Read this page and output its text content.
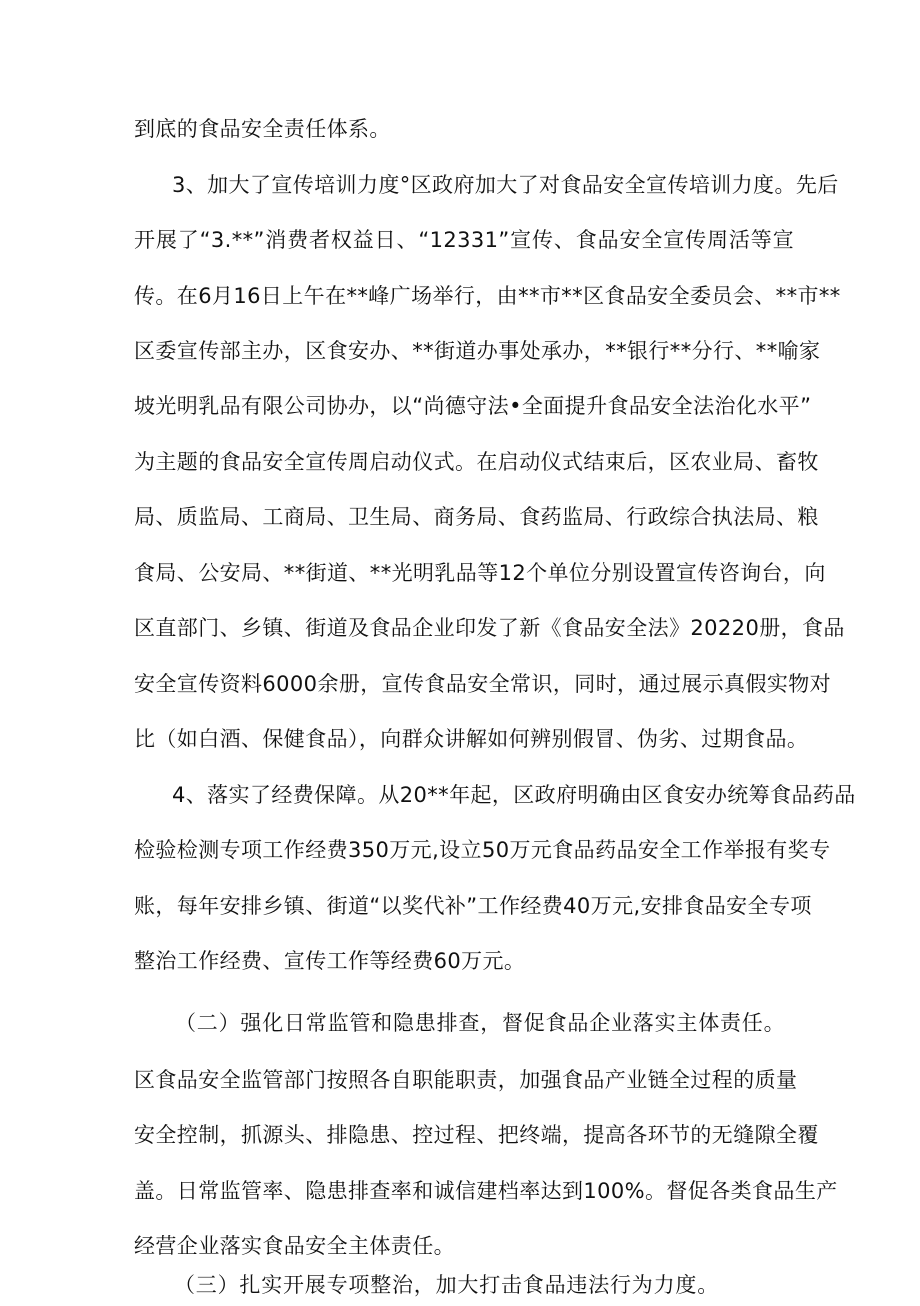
到底的食品安全责任体系。
3、加大了宣传培训力度°区政府加大了对食品安全宣传培训力度。先后
开展了“3.**”消费者权益日、“12331”宣传、食品安全宣传周活等宣
传。在6月16日上午在**峰广场举行，由**市**区食品安全委员会、**市**
区委宣传部主办，区食安办、**街道办事处承办，**银行**分行、**喻家
坡光明乳品有限公司协办，以“尚德守法•全面提升食品安全法治化水平”
为主题的食品安全宣传周启动仪式。在启动仪式结束后，区农业局、畜牧
局、质监局、工商局、卫生局、商务局、食药监局、行政综合执法局、粮
食局、公安局、**街道、**光明乳品等12个单位分别设置宣传咨询台，向
区直部门、乡镇、街道及食品企业印发了新《食品安全法》20220册，食品
安全宣传资料6000余册，宣传食品安全常识，同时，通过展示真假实物对
比（如白酒、保健食品），向群众讲解如何辨别假冒、伪劣、过期食品。
4、落实了经费保障。从20**年起，区政府明确由区食安办统筹食品药品
检验检测专项工作经费350万元,设立50万元食品药品安全工作举报有奖专
账，每年安排乡镇、街道“以奖代补”工作经费40万元,安排食品安全专项
整治工作经费、宣传工作等经费60万元。
（二）强化日常监管和隐患排查，督促食品企业落实主体责任。
区食品安全监管部门按照各自职能职责，加强食品产业链全过程的质量
安全控制，抓源头、排隐患、控过程、把终端，提高各环节的无缝隙全覆
盖。日常监管率、隐患排查率和诚信建档率达到100%。督促各类食品生产
经营企业落实食品安全主体责任。
（三）扎实开展专项整治，加大打击食品违法行为力度。
